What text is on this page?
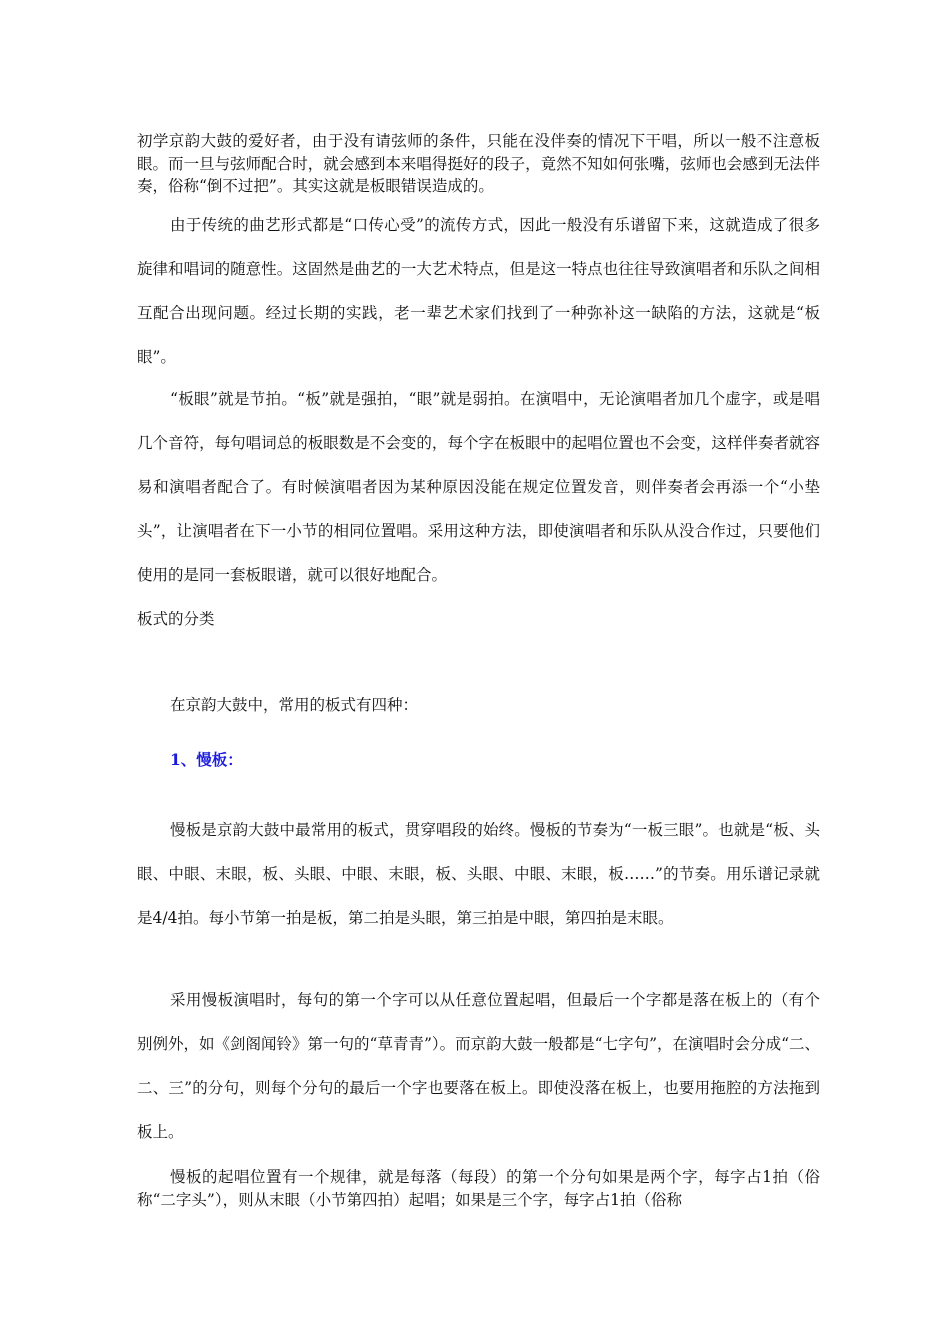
初学京韵大鼓的爱好者，由于没有请弦师的条件，只能在没伴奏的情况下干唱，所以一般不注意板眼。而一旦与弦师配合时，就会感到本来唱得挺好的段子，竟然不知如何张嘴，弦师也会感到无法伴奏，俗称“倒不过把”。其实这就是板眼错误造成的。

由于传统的曲艺形式都是“口传心受”的流传方式，因此一般没有乐谱留下来，这就造成了很多旋律和唱词的随意性。这固然是曲艺的一大艺术特点，但是这一特点也往往导致演唱者和乐队之间相互配合出现问题。经过长期的实践，老一辈艺术家们找到了一种弥补这一缺陷的方法，这就是“板眼”。

“板眼”就是节拍。“板”就是强拍，“眼”就是弱拍。在演唱中，无论演唱者加几个虚字，或是唱几个音符，每句唱词总的板眼数是不会变的，每个字在板眼中的起唱位置也不会变，这样伴奏者就容易和演唱者配合了。有时候演唱者因为某种原因没能在规定位置发音，则伴奏者会再添一个“小垫头”，让演唱者在下一小节的相同位置唱。采用这种方法，即使演唱者和乐队从没合作过，只要他们使用的是同一套板眼谱，就可以很好地配合。

板式的分类

在京韵大鼓中，常用的板式有四种：

1、慢板：

慢板是京韵大鼓中最常用的板式，贯穿唱段的始终。慢板的节奏为“一板三眼”。也就是“板、头眼、中眼、末眼，板、头眼、中眼、末眼，板、头眼、中眼、末眼，板……”的节奏。用乐谱记录就是4/4拍。每小节第一拍是板，第二拍是头眼，第三拍是中眼，第四拍是末眼。

采用慢板演唱时，每句的第一个字可以从任意位置起唱，但最后一个字都是落在板上的（有个别例外，如《剑阁闻铃》第一句的“草青青”）。而京韵大鼓一般都是“七字句”，在演唱时会分成“二、二、三”的分句，则每个分句的最后一个字也要落在板上。即使没落在板上，也要用拖腔的方法拖到板上。

慢板的起唱位置有一个规律，就是每落（每段）的第一个分句如果是两个字，每字占1拍（俗称“二字头”），则从末眼（小节第四拍）起唱；如果是三个字，每字占1拍（俗称
